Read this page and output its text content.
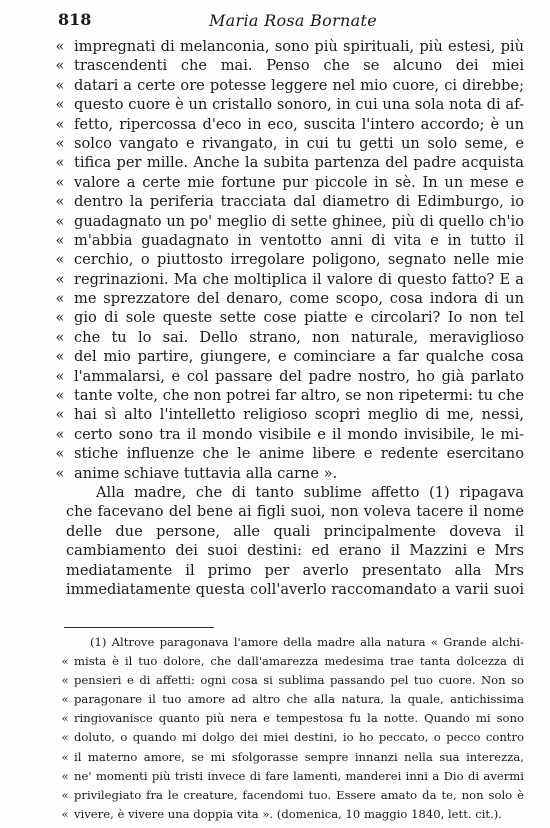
818	Maria Rosa Bornate
« impregnati di melanconia, sono più spirituali, più estesi, più
« trascendenti che mai. Penso che se alcuno dei miei
« datari a certe ore potesse leggere nel mio cuore, ci direbbe;
« questo cuore è un cristallo sonoro, in cui una sola nota di af-
« fetto, ripercossa d'eco in eco, suscita l'intero accordo; è un
« solco vangato e rivangato, in cui tu getti un solo seme, e
« tifica per mille. Anche la subita partenza del padre acquista
« valore a certe mie fortune pur piccole in sè. In un mese e
« dentro la periferia tracciata dal diametro di Edimburgo, io
« guadagnato un po' meglio di sette ghinee, più di quello ch'io
« m'abbia guadagnato in ventotto anni di vita e in tutto il
« cerchio, o piuttosto irregolare poligono, segnato nelle mie
« regrinazioni. Ma che moltiplica il valore di questo fatto? E a
« me sprezzatore del denaro, come scopo, cosa indora di un
« gio di sole queste sette cose piatte e circolari? Io non tel
« che tu lo sai. Dello strano, non naturale, meraviglioso
« del mio partire, giungere, e cominciare a far qualche cosa
« l'ammalarsi, e col passare del padre nostro, ho già parlato
« tante volte, che non potrei far altro, se non ripetermi: tu che
« hai sì alto l'intelletto religioso scopri meglio di me, nessi,
« certo sono tra il mondo visibile e il mondo invisibile, le mi-
« stiche influenze che le anime libere e redente esercitano
« anime schiave tuttavia alla carne ».
Alla madre, che di tanto sublime affetto (1) ripagava
che facevano del bene ai figli suoi, non voleva tacere il nome
delle due persone, alle quali principalmente doveva il
cambiamento dei suoi destini: ed erano il Mazzini e Mrs
mediatamente il primo per averlo presentato alla Mrs
immediatamente questa coll'averlo raccomandato a varii suoi
(1) Altrove paragonava l'amore della madre alla natura « Grande alchi-
« mista è il tuo dolore, che dall'amarezza medesima trae tanta dolcezza di
« pensieri e di affetti: ogni cosa si sublima passando pel tuo cuore. Non so
« paragonare il tuo amore ad altro che alla natura, la quale, antichissima
« ringiovanisce quanto più nera e tempestosa fu la notte. Quando mi sono
« doluto, o quando mi dolgo dei miei destini, io ho peccato, o pecco contro
« il materno amore, se mi sfolgorasse sempre innanzi nella sua interezza,
« ne' momenti più tristi invece di fare lamenti, manderei inni a Dio di avermi
« privilegiato fra le creature, facendomi tuo. Essere amato da te, non solo è
« vivere, è vivere una doppia vita ». (domenica, 10 maggio 1840, lett. cit.).
